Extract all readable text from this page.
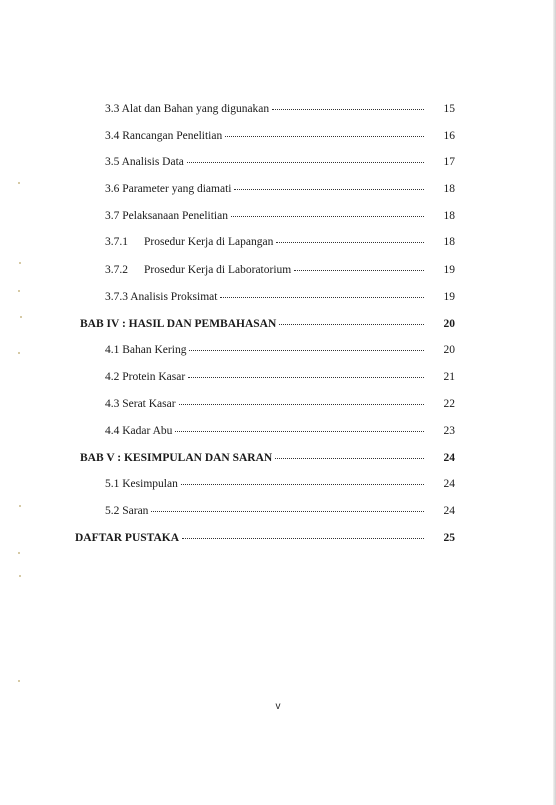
3.3 Alat dan Bahan yang digunakan	15
3.4 Rancangan Penelitian	16
3.5 Analisis Data	17
3.6 Parameter yang diamati	18
3.7 Pelaksanaan Penelitian	18
3.7.1 Prosedur Kerja di Lapangan	18
3.7.2 Prosedur Kerja di Laboratorium	19
3.7.3 Analisis Proksimat	19
BAB IV : HASIL DAN PEMBAHASAN	20
4.1 Bahan Kering	20
4.2 Protein Kasar	21
4.3 Serat Kasar	22
4.4 Kadar Abu	23
BAB V : KESIMPULAN DAN SARAN	24
5.1 Kesimpulan	24
5.2 Saran	24
DAFTAR PUSTAKA	25
v
